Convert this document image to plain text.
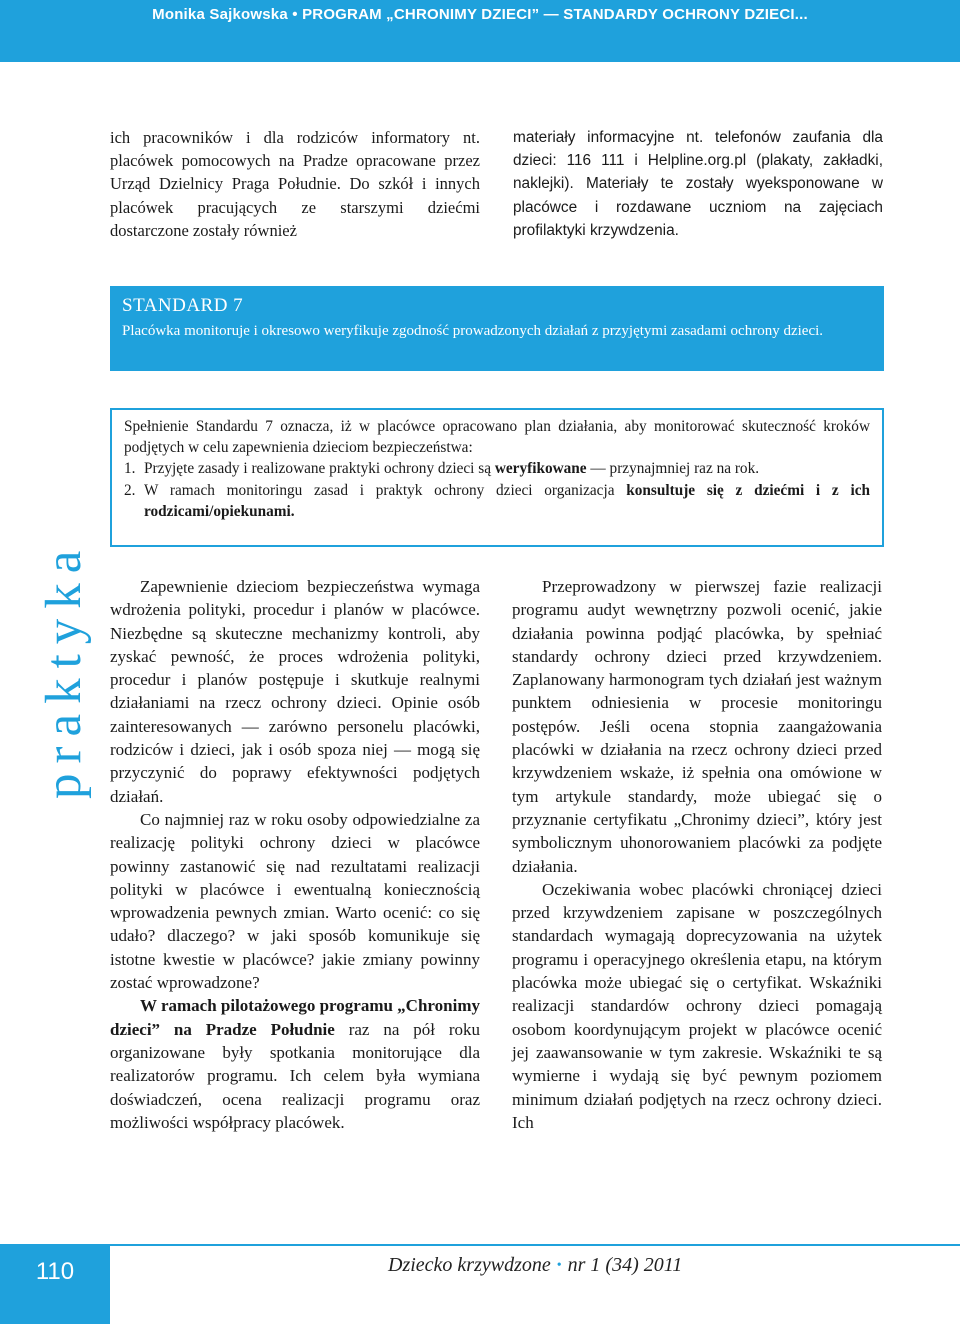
Monika Sajkowska • PROGRAM „CHRONIMY DZIECI” — STANDARDY OCHRONY DZIECI...

ich pracowników i dla rodziców informatory nt. placówek pomocowych na Pradze opracowane przez Urząd Dzielnicy Praga Południe. Do szkół i innych placówek pracujących ze starszymi dziećmi dostarczone zostały również

materiały informacyjne nt. telefonów zaufania dla dzieci: 116 111 i Helpline.org.pl (plakaty, zakładki, naklejki). Materiały te zostały wyeksponowane w placówce i rozdawane uczniom na zajęciach profilaktyki krzywdzenia.

STANDARD 7
Placówka monitoruje i okresowo weryfikuje zgodność prowadzonych działań z przyjętymi zasadami ochrony dzieci.

Spełnienie Standardu 7 oznacza, iż w placówce opracowano plan działania, aby monitorować skuteczność kroków podjętych w celu zapewnienia dzieciom bezpieczeństwa:

1. Przyjęte zasady i realizowane praktyki ochrony dzieci są weryfikowane — przynajmniej raz na rok.
2. W ramach monitoringu zasad i praktyk ochrony dzieci organizacja konsultuje się z dziećmi i z ich rodzicami/opiekunami.
praktyka	Zapewnienie dzieciom bezpieczeństwa wymaga wdrożenia polityki, procedur i planów w placówce. Niezbędne są skuteczne mechanizmy kontroli, aby zyskać pewność, że proces wdrożenia polityki, procedur i planów postępuje i skutkuje realnymi działaniami na rzecz ochrony dzieci. Opinie osób zainteresowanych — zarówno personelu placówki, rodziców i dzieci, jak i osób spoza niej — mogą się przyczynić do poprawy efektywności podjętych działań.

Co najmniej raz w roku osoby odpowiedzialne za realizację polityki ochrony dzieci w placówce powinny zastanowić się nad rezultatami realizacji polityki w placówce i ewentualną koniecznością wprowadzenia pewnych zmian. Warto ocenić: co się udało? dlaczego? w jaki sposób komunikuje się istotne kwestie w placówce? jakie zmiany powinny zostać wprowadzone?

W ramach pilotażowego programu „Chronimy dzieci” na Pradze Południe raz na pół roku organizowane były spotkania monitorujące dla realizatorów programu. Ich celem była wymiana doświadczeń, ocena realizacji programu oraz możliwości współpracy placówek.

Przeprowadzony w pierwszej fazie realizacji programu audyt wewnętrzny pozwoli ocenić, jakie działania powinna podjąć placówka, by spełniać standardy ochrony dzieci przed krzywdzeniem. Zaplanowany harmonogram tych działań jest ważnym punktem odniesienia w procesie monitoringu postępów. Jeśli ocena stopnia zaangażowania placówki w działania na rzecz ochrony dzieci przed krzywdzeniem wskaże, iż spełnia ona omówione w tym artykule standardy, może ubiegać się o przyznanie certyfikatu „Chronimy dzieci”, który jest symbolicznym uhonorowaniem placówki za podjęte działania.

Oczekiwania wobec placówki chroniącej dzieci przed krzywdzeniem zapisane w poszczególnych standardach wymagają doprecyzowania na użytek programu i operacyjnego określenia etapu, na którym placówka może ubiegać się o certyfikat. Wskaźniki realizacji standardów ochrony dzieci pomagają osobom koordynującym projekt w placówce ocenić jej zaawansowanie w tym zakresie. Wskaźniki te są wymierne i wydają się być pewnym poziomem minimum działań podjętych na rzecz ochrony dzieci. Ich

110	Dziecko krzywdzone • nr 1 (34) 2011
